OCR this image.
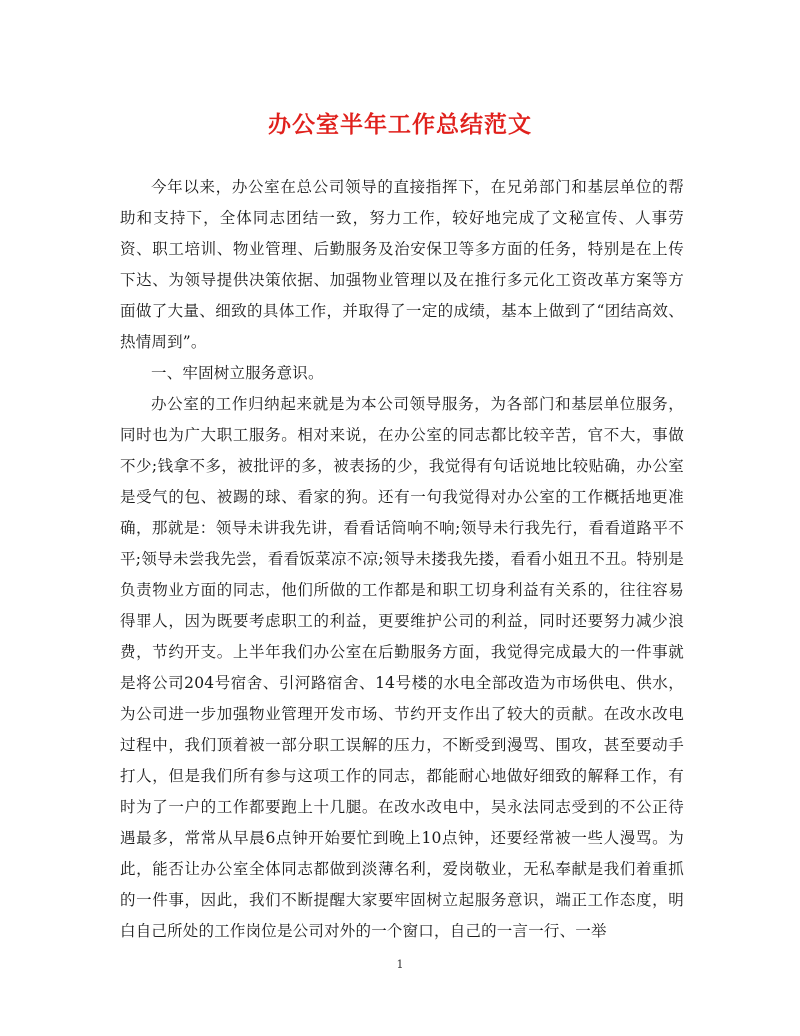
办公室半年工作总结范文

今年以来，办公室在总公司领导的直接指挥下，在兄弟部门和基层单位的帮助和支持下，全体同志团结一致，努力工作，较好地完成了文秘宣传、人事劳资、职工培训、物业管理、后勤服务及治安保卫等多方面的任务，特别是在上传下达、为领导提供决策依据、加强物业管理以及在推行多元化工资改革方案等方面做了大量、细致的具体工作，并取得了一定的成绩，基本上做到了“团结高效、热情周到”。

一、牢固树立服务意识。

办公室的工作归纳起来就是为本公司领导服务，为各部门和基层单位服务，同时也为广大职工服务。相对来说，在办公室的同志都比较辛苦，官不大，事做不少;钱拿不多，被批评的多，被表扬的少，我觉得有句话说地比较贴确，办公室是受气的包、被踢的球、看家的狗。还有一句我觉得对办公室的工作概括地更准确，那就是：领导未讲我先讲，看看话筒响不响;领导未行我先行，看看道路平不平;领导未尝我先尝，看看饭菜凉不凉;领导未搂我先搂，看看小姐丑不丑。特别是负责物业方面的同志，他们所做的工作都是和职工切身利益有关系的，往往容易得罪人，因为既要考虑职工的利益，更要维护公司的利益，同时还要努力减少浪费，节约开支。上半年我们办公室在后勤服务方面，我觉得完成最大的一件事就是将公司204号宿舍、引河路宿舍、14号楼的水电全部改造为市场供电、供水，为公司进一步加强物业管理开发市场、节约开支作出了较大的贡献。在改水改电过程中，我们顶着被一部分职工误解的压力，不断受到漫骂、围攻，甚至要动手打人，但是我们所有参与这项工作的同志，都能耐心地做好细致的解释工作，有时为了一户的工作都要跑上十几腿。在改水改电中，吴永法同志受到的不公正待遇最多，常常从早晨6点钟开始要忙到晚上10点钟，还要经常被一些人漫骂。为此，能否让办公室全体同志都做到淡薄名利，爱岗敬业，无私奉献是我们着重抓的一件事，因此，我们不断提醒大家要牢固树立起服务意识，端正工作态度，明白自己所处的工作岗位是公司对外的一个窗口，自己的一言一行、一举

1
